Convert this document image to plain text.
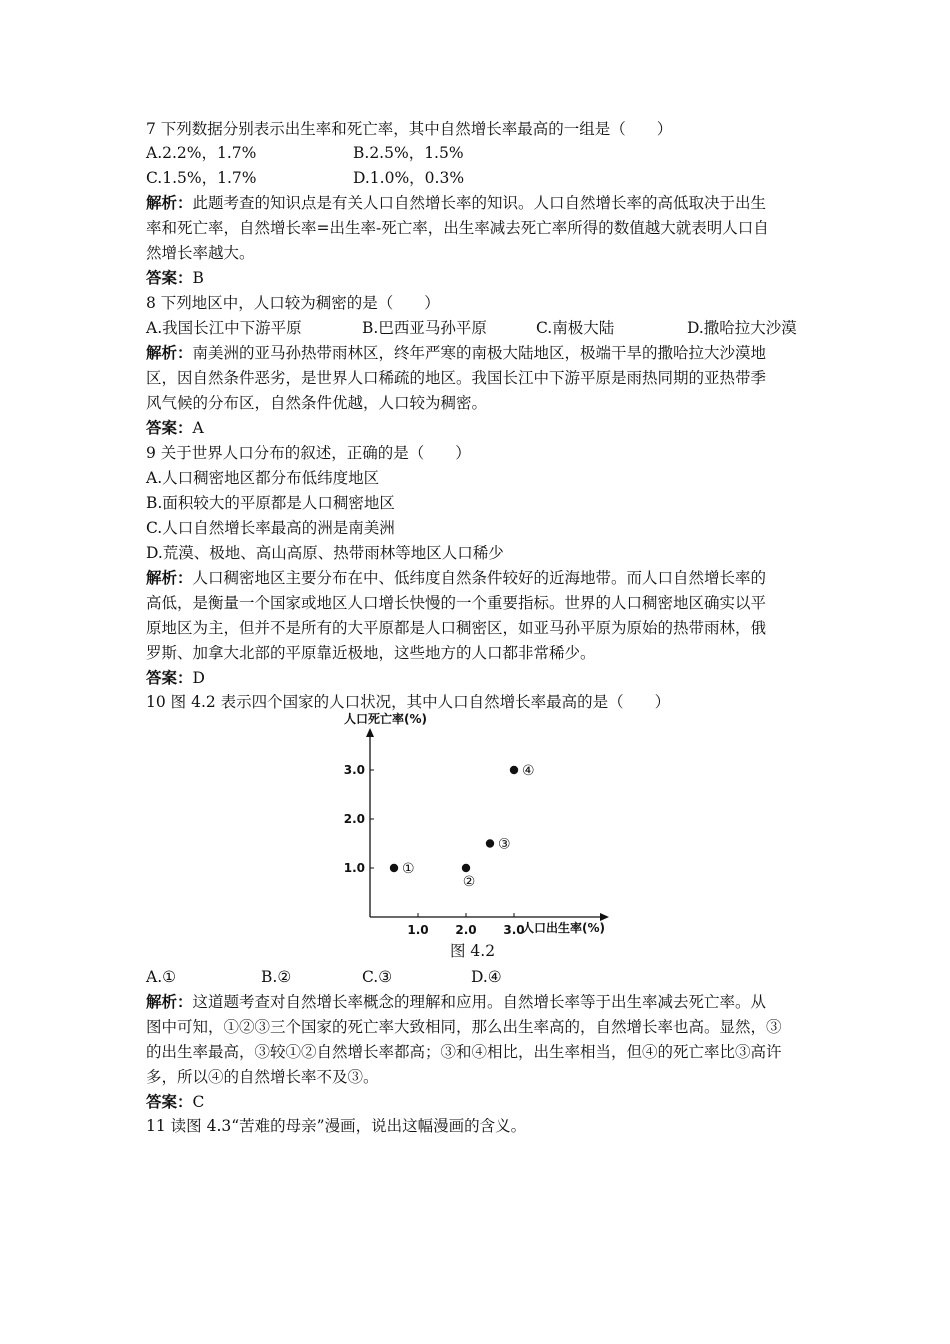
7 下列数据分别表示出生率和死亡率，其中自然增长率最高的一组是（　　）
A.2.2%，1.7%	B.2.5%，1.5%
C.1.5%，1.7%	D.1.0%，0.3%
解析：此题考查的知识点是有关人口自然增长率的知识。人口自然增长率的高低取决于出生
率和死亡率，自然增长率=出生率-死亡率，出生率减去死亡率所得的数值越大就表明人口自
然增长率越大。
答案：B
8 下列地区中，人口较为稠密的是（　　）
A.我国长江中下游平原	B.巴西亚马孙平原	C.南极大陆	D.撒哈拉大沙漠
解析：南美洲的亚马孙热带雨林区，终年严寒的南极大陆地区，极端干旱的撒哈拉大沙漠地
区，因自然条件恶劣，是世界人口稀疏的地区。我国长江中下游平原是雨热同期的亚热带季
风气候的分布区，自然条件优越，人口较为稠密。
答案：A
9 关于世界人口分布的叙述，正确的是（　　）
A.人口稠密地区都分布低纬度地区
B.面积较大的平原都是人口稠密地区
C.人口自然增长率最高的洲是南美洲
D.荒漠、极地、高山高原、热带雨林等地区人口稀少
解析：人口稠密地区主要分布在中、低纬度自然条件较好的近海地带。而人口自然增长率的
高低，是衡量一个国家或地区人口增长快慢的一个重要指标。世界的人口稠密地区确实以平
原地区为主，但并不是所有的大平原都是人口稠密区，如亚马孙平原为原始的热带雨林，俄
罗斯、加拿大北部的平原靠近极地，这些地方的人口都非常稀少。
答案：D
10 图 4.2 表示四个国家的人口状况，其中人口自然增长率最高的是（　　）
人口死亡率(%)
人口出生率(%)
1.0 2.0 3.0
1.0
2.0
3.0
①
②
③
④
图 4.2
A.①	B.②	C.③	D.④
解析：这道题考查对自然增长率概念的理解和应用。自然增长率等于出生率减去死亡率。从
图中可知，①②③三个国家的死亡率大致相同，那么出生率高的，自然增长率也高。显然，③
的出生率最高，③较①②自然增长率都高；③和④相比，出生率相当，但④的死亡率比③高许
多，所以④的自然增长率不及③。
答案：C
11 读图 4.3“苦难的母亲”漫画，说出这幅漫画的含义。
